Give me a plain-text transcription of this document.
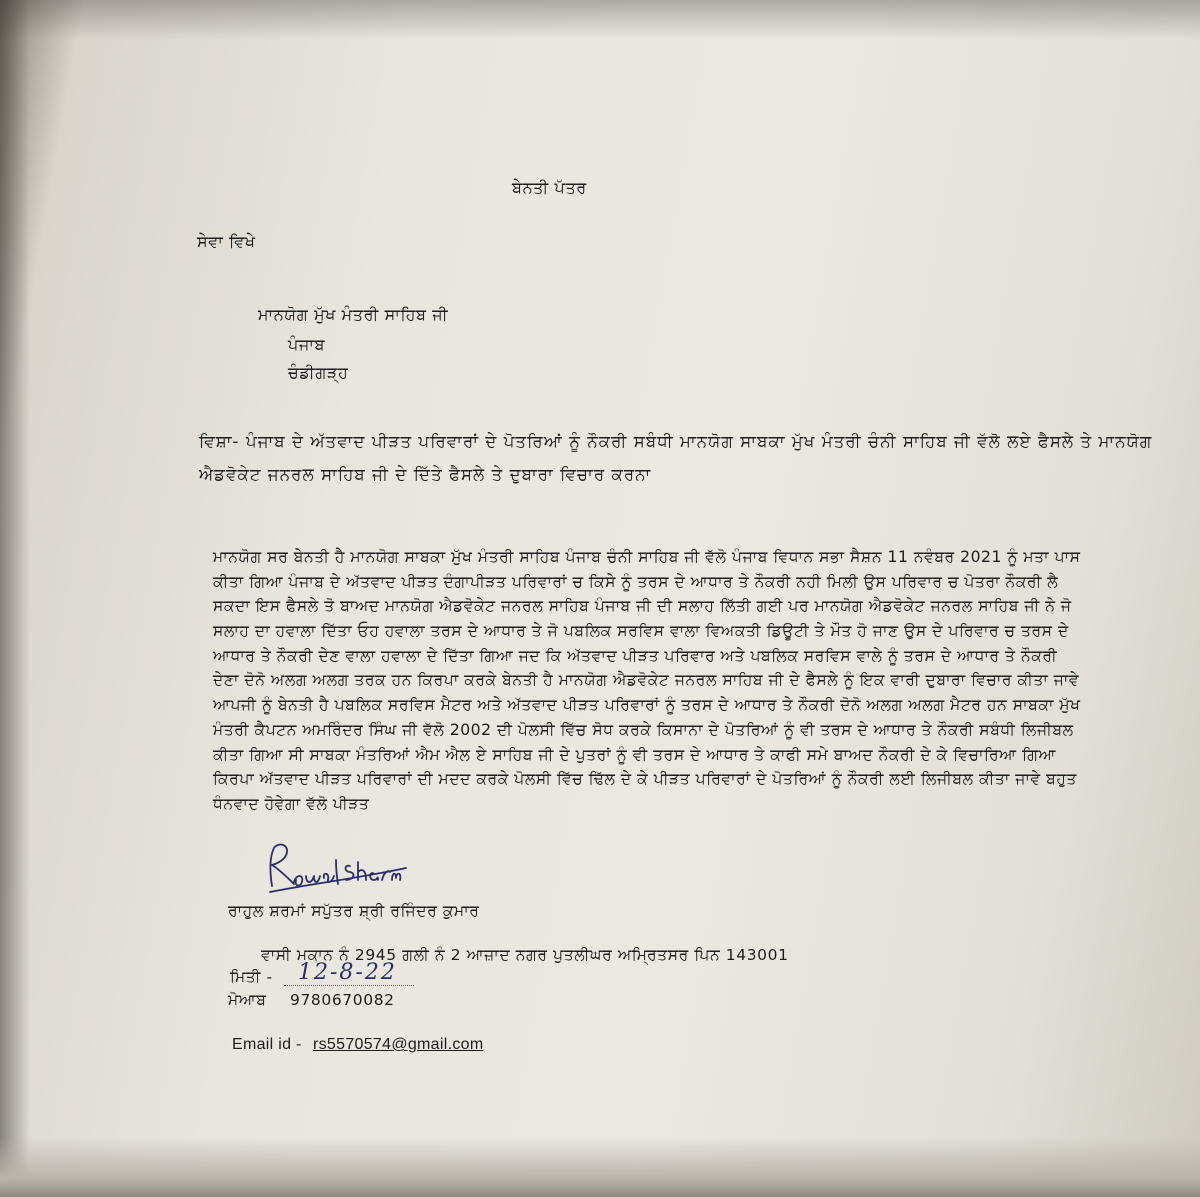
ਬੇਨਤੀ ਪੱਤਰ
ਸੇਵਾ ਵਿਖੇ
ਮਾਨਯੋਗ ਮੁੱਖ ਮੰਤਰੀ ਸਾਹਿਬ ਜੀ
ਪੰਜਾਬ
ਚੰਡੀਗੜ੍ਹ
ਵਿਸ਼ਾ- ਪੰਜਾਬ ਦੇ ਅੱਤਵਾਦ ਪੀੜਤ ਪਰਿਵਾਰਾਂ ਦੇ ਪੋਤਰਿਆਂ ਨੂੰ ਨੌਕਰੀ ਸਬੰਧੀ ਮਾਨਯੋਗ ਸਾਬਕਾ ਮੁੱਖ ਮੰਤਰੀ ਚੰਨੀ ਸਾਹਿਬ ਜੀ ਵੱਲੋ ਲਏ ਫੈਸਲੇ ਤੇ ਮਾਨਯੋਗ
ਐਡਵੋਕੇਟ ਜਨਰਲ ਸਾਹਿਬ ਜੀ ਦੇ ਦਿੱਤੇ ਫੈਸਲੇ ਤੇ ਦੁਬਾਰਾ ਵਿਚਾਰ ਕਰਨਾ
ਮਾਨਯੋਗ ਸਰ ਬੇਨਤੀ ਹੈ ਮਾਨਯੋਗ ਸਾਬਕਾ ਮੁੱਖ ਮੰਤਰੀ ਸਾਹਿਬ ਪੰਜਾਬ ਚੰਨੀ ਸਾਹਿਬ ਜੀ ਵੱਲੋ ਪੰਜਾਬ ਵਿਧਾਨ ਸਭਾ ਸੈਸ਼ਨ 11 ਨਵੰਬਰ 2021 ਨੂੰ ਮਤਾ ਪਾਸ
ਕੀਤਾ ਗਿਆ ਪੰਜਾਬ ਦੇ ਅੱਤਵਾਦ ਪੀੜਤ ਦੰਗਾਪੀੜਤ ਪਰਿਵਾਰਾਂ ਚ ਕਿਸੇ ਨੂੰ ਤਰਸ ਦੇ ਆਧਾਰ ਤੇ ਨੌਕਰੀ ਨਹੀ ਮਿਲੀ ਉਸ ਪਰਿਵਾਰ ਚ ਪੋਤਰਾ ਨੌਕਰੀ ਲੈ
ਸਕਦਾ ਇਸ ਫੈਸਲੇ ਤੋ ਬਾਅਦ ਮਾਨਯੋਗ ਐਡਵੋਕੇਟ ਜਨਰਲ ਸਾਹਿਬ ਪੰਜਾਬ ਜੀ ਦੀ ਸਲਾਹ ਲਿੱਤੀ ਗਈ ਪਰ ਮਾਨਯੋਗ ਐਡਵੋਕੇਟ ਜਨਰਲ ਸਾਹਿਬ ਜੀ ਨੇ ਜੋ
ਸਲਾਹ ਦਾ ਹਵਾਲਾ ਦਿੱਤਾ ਓਹ ਹਵਾਲਾ ਤਰਸ ਦੇ ਆਧਾਰ ਤੇ ਜੋ ਪਬਲਿਕ ਸਰਵਿਸ ਵਾਲਾ ਵਿਅਕਤੀ ਡਿਊਟੀ ਤੇ ਮੌਤ ਹੋ ਜਾਣ ਉਸ ਦੇ ਪਰਿਵਾਰ ਚ ਤਰਸ ਦੇ
ਆਧਾਰ ਤੇ ਨੌਕਰੀ ਦੇਣ ਵਾਲਾ ਹਵਾਲਾ ਦੇ ਦਿੱਤਾ ਗਿਆ ਜਦ ਕਿ ਅੱਤਵਾਦ ਪੀੜਤ ਪਰਿਵਾਰ ਅਤੇ ਪਬਲਿਕ ਸਰਵਿਸ ਵਾਲੇ ਨੂੰ ਤਰਸ ਦੇ ਆਧਾਰ ਤੇ ਨੌਕਰੀ
ਦੇਣਾ ਦੋਨੋ ਅਲਗ ਅਲਗ ਤਰਕ ਹਨ ਕਿਰਪਾ ਕਰਕੇ ਬੇਨਤੀ ਹੈ ਮਾਨਯੋਗ ਐਡਵੋਕੇਟ ਜਨਰਲ ਸਾਹਿਬ ਜੀ ਦੇ ਫੈਸਲੇ ਨੂੰ ਇਕ ਵਾਰੀ ਦੁਬਾਰਾ ਵਿਚਾਰ ਕੀਤਾ ਜਾਵੇ
ਆਪਜੀ ਨੂੰ ਬੇਨਤੀ ਹੈ ਪਬਲਿਕ ਸਰਵਿਸ ਮੈਟਰ ਅਤੇ ਅੱਤਵਾਦ ਪੀੜਤ ਪਰਿਵਾਰਾਂ ਨੂੰ ਤਰਸ ਦੇ ਆਧਾਰ ਤੇ ਨੌਕਰੀ ਦੋਨੋ ਅਲਗ ਅਲਗ ਮੈਟਰ ਹਨ ਸਾਬਕਾ ਮੁੱਖ
ਮੰਤਰੀ ਕੈਪਟਨ ਅਮਰਿੰਦਰ ਸਿੰਘ ਜੀ ਵੱਲੋ 2002 ਦੀ ਪੋਲਸੀ ਵਿੱਚ ਸੋਧ ਕਰਕੇ ਕਿਸਾਨਾ ਦੇ ਪੋਤਰਿਆਂ ਨੂੰ ਵੀ ਤਰਸ ਦੇ ਆਧਾਰ ਤੇ ਨੌਕਰੀ ਸਬੰਧੀ ਲਿਜੀਬਲ
ਕੀਤਾ ਗਿਆ ਸੀ ਸਾਬਕਾ ਮੰਤਰਿਆਂ ਐਮ ਐਲ ਏ ਸਾਹਿਬ ਜੀ ਦੇ ਪੁਤਰਾਂ ਨੂੰ ਵੀ ਤਰਸ ਦੇ ਆਧਾਰ ਤੇ ਕਾਫੀ ਸਮੇ ਬਾਅਦ ਨੌਕਰੀ ਦੇ ਕੇ ਵਿਚਾਰਿਆ ਗਿਆ
ਕਿਰਪਾ ਅੱਤਵਾਦ ਪੀੜਤ ਪਰਿਵਾਰਾਂ ਦੀ ਮਦਦ ਕਰਕੇ ਪੋਲਸੀ ਵਿੱਚ ਢਿੱਲ ਦੇ ਕੇ ਪੀੜਤ ਪਰਿਵਾਰਾਂ ਦੇ ਪੋਤਰਿਆਂ ਨੂੰ ਨੌਕਰੀ ਲਈ ਲਿਜੀਬਲ ਕੀਤਾ ਜਾਵੇ ਬਹੁਤ
ਧੰਨਵਾਦ ਹੋਵੇਗਾ ਵੱਲੋ ਪੀੜਤ
ਰਾਹੁਲ ਸ਼ਰਮਾਂ ਸਪੁੱਤਰ ਸ਼੍ਰੀ ਰਜਿੰਦਰ ਕੁਮਾਰ
ਵਾਸੀ ਮਕਾਨ ਨੰ 2945 ਗਲੀ ਨੰ 2 ਆਜ਼ਾਦ ਨਗਰ ਪੁਤਲੀਘਰ ਅਮ੍ਰਿਤਸਰ ਪਿਨ 143001
ਮਿਤੀ - 12-8-22
ਮੋਆਬ 9780670082
Email id - rs5570574@gmail.com
